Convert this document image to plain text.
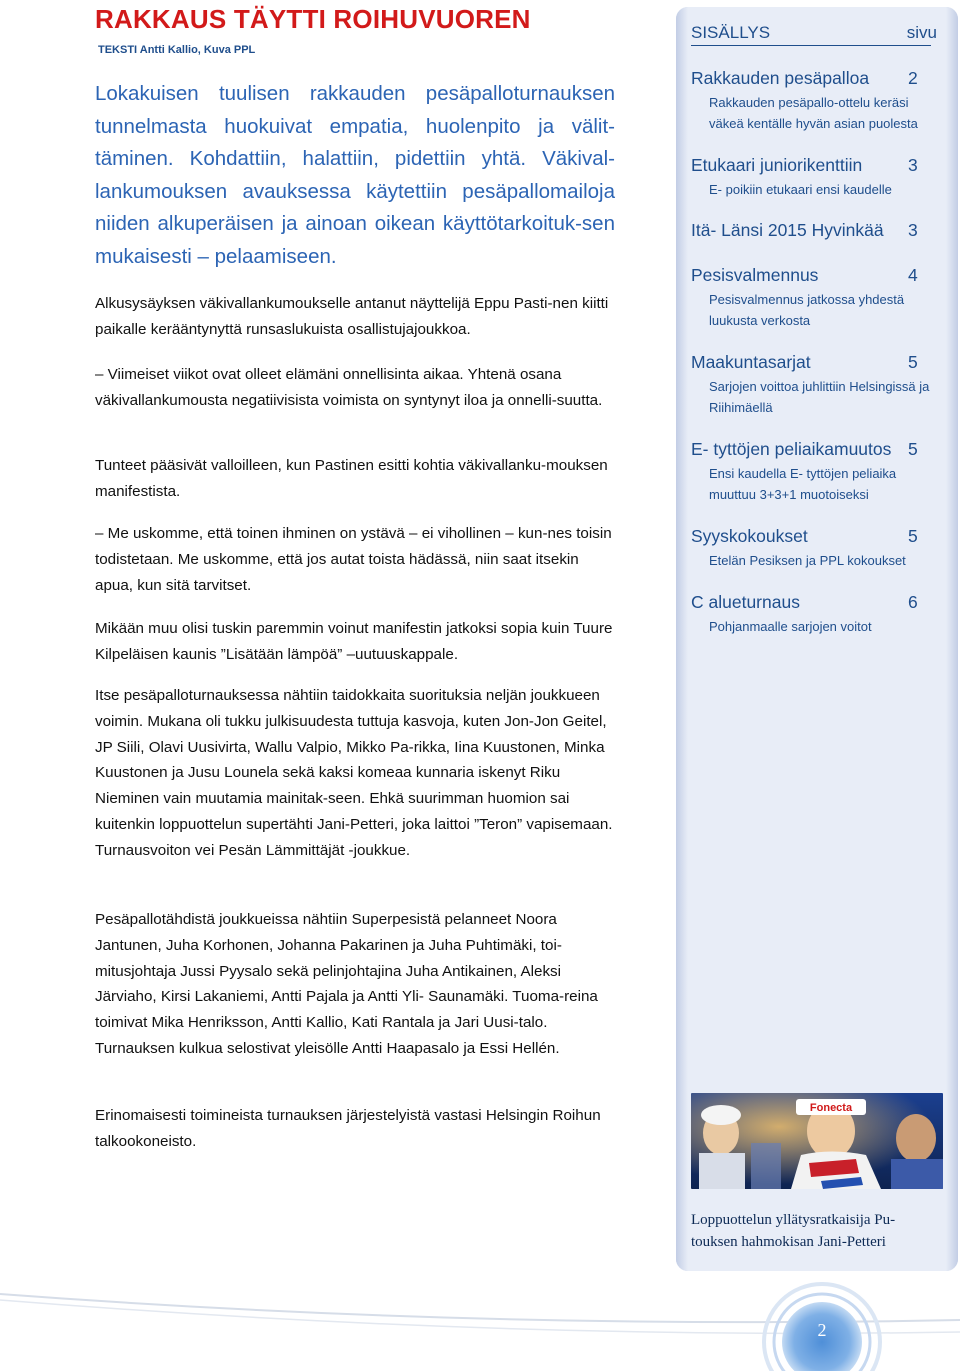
RAKKAUS TÄYTTI ROIHUVUOREN

TEKSTI Antti Kallio, Kuva PPL

Lokakuisen tuulisen rakkauden pesäpalloturnauksen tunnelmasta huokuivat empatia, huolenpito ja välit-täminen. Kohdattiin, halattiin, pidettiin yhtä. Väkival-lankumouksen avauksessa käytettiin pesäpallomailoja niiden alkuperäisen ja ainoan oikean käyttötarkoituk-sen mukaisesti – pelaamiseen.

Alkusysäyksen väkivallankumoukselle antanut näyttelijä Eppu Pasti-nen kiitti paikalle kerääntynyttä runsaslukuista osallistujajoukkoa.

– Viimeiset viikot ovat olleet elämäni onnellisinta aikaa. Yhtenä osana väkivallankumousta negatiivisista voimista on syntynyt iloa ja onnelli-suutta.

Tunteet pääsivät valloilleen, kun Pastinen esitti kohtia väkivallanku-mouksen manifestista.

– Me uskomme, että toinen ihminen on ystävä – ei vihollinen – kun-nes toisin todistetaan. Me uskomme, että jos autat toista hädässä, niin saat itsekin apua, kun sitä tarvitset.

Mikään muu olisi tuskin paremmin voinut manifestin jatkoksi sopia kuin Tuure Kilpeläisen kaunis ”Lisätään lämpöä” –uutuuskappale.

Itse pesäpalloturnauksessa nähtiin taidokkaita suorituksia neljän joukkueen voimin. Mukana oli tukku julkisuudesta tuttuja kasvoja, kuten Jon-Jon Geitel, JP Siili, Olavi Uusivirta, Wallu Valpio, Mikko Pa-rikka, Iina Kuustonen, Minka Kuustonen ja Jusu Lounela sekä kaksi komeaa kunnaria iskenyt Riku Nieminen vain muutamia mainitak-seen. Ehkä suurimman huomion sai kuitenkin loppuottelun supertähti Jani-Petteri, joka laittoi ”Teron” vapisemaan. Turnausvoiton vei Pesän Lämmittäjät -joukkue.

Pesäpallotähdistä joukkueissa nähtiin Superpesistä pelanneet Noora Jantunen, Juha Korhonen, Johanna Pakarinen ja Juha Puhtimäki, toi-mitusjohtaja Jussi Pyysalo sekä pelinjohtajina Juha Antikainen, Aleksi Järviaho, Kirsi Lakaniemi, Antti Pajala ja Antti Yli- Saunamäki. Tuoma-reina toimivat Mika Henriksson, Antti Kallio, Kati Rantala ja Jari Uusi-talo. Turnauksen kulkua selostivat yleisölle Antti Haapasalo ja Essi Hellén.

Erinomaisesti toimineista turnauksen järjestelyistä vastasi Helsingin Roihun talkookoneisto.

SISÄLLYS	sivu
Rakkauden pesäpalloa 2
Rakkauden pesäpallo-ottelu keräsi väkeä kentälle hyvän asian puolesta
Etukaari juniorikenttiin	3
E- poikiin etukaari ensi kaudelle
Itä- Länsi 2015 Hyvinkää 3
Pesisvalmennus	4
Pesisvalmennus jatkossa yhdestä luukusta verkosta
Maakuntasarjat	5
Sarjojen voittoa juhlittiin Helsingissä ja Riihimäellä
E- tyttöjen peliaikamuutos 5
Ensi kaudella E- tyttöjen peliaika muuttuu 3+3+1 muotoiseksi
Syyskokoukset	5
Etelän Pesiksen ja PPL kokoukset
C alueturnaus	6
Pohjanmaalle sarjojen voitot
Fonecta

Loppuottelun yllätysratkaisija Pu-touksen hahmokisan Jani-Petteri

2
